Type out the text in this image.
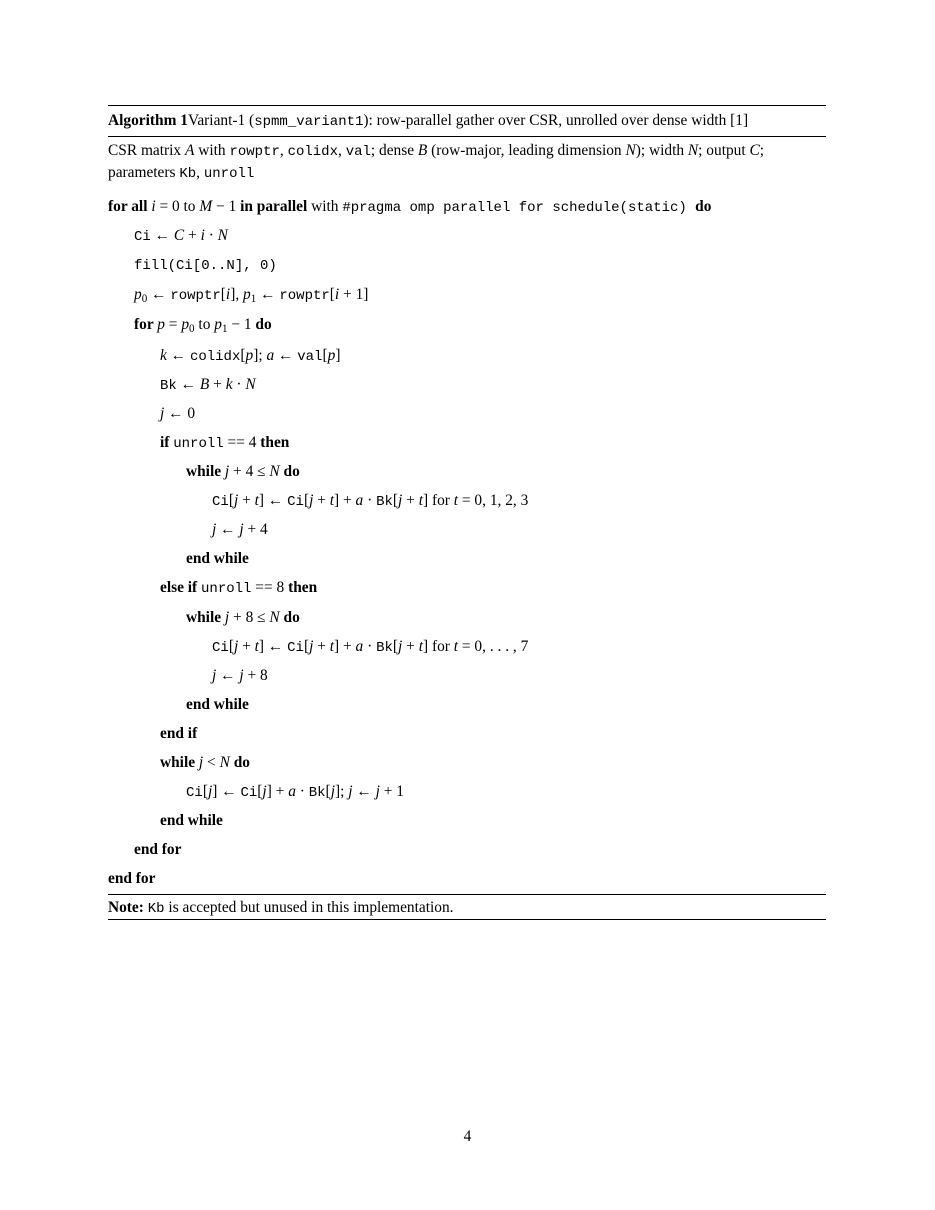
Algorithm 1Variant-1 (spmm_variant1): row-parallel gather over CSR, unrolled over dense width [1]
CSR matrix A with rowptr, colidx, val; dense B (row-major, leading dimension N); width N; output C; parameters Kb, unroll
for all i = 0 to M − 1 in parallel with #pragma omp parallel for schedule(static) do
Ci ← C + i · N
fill(Ci[0..N], 0)
$p_0$ ← rowptr[i], $p_1$ ← rowptr[i + 1]
for $p = p_0$ to $p_1 - 1$ do
k ← colidx[p]; a ← val[p]
Bk ← B + k · N
j ← 0
if unroll == 4 then
while j + 4 ≤ N do
Ci[j + t] ← Ci[j + t] + a · Bk[j + t] for t = 0, 1, 2, 3
j ← j + 4
end while
else if unroll == 8 then
while j + 8 ≤ N do
Ci[j + t] ← Ci[j + t] + a · Bk[j + t] for t = 0, . . . , 7
j ← j + 8
end while
end if
while j < N do
Ci[j] ← Ci[j] + a · Bk[j]; j ← j + 1
end while
end for
end for
Note: Kb is accepted but unused in this implementation.
4
